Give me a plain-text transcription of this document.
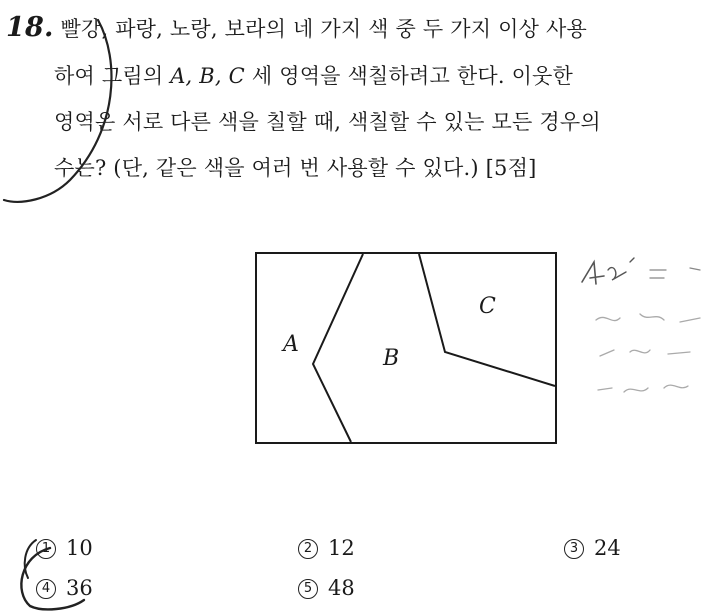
18. 빨강, 파랑, 노랑, 보라의 네 가지 색 중 두 가지 이상 사용
하여 그림의 A, B, C 세 영역을 색칠하려고 한다. 이웃한
영역은 서로 다른 색을 칠할 때, 색칠할 수 있는 모든 경우의
수는? (단, 같은 색을 여러 번 사용할 수 있다.) [5점]
A
B
C
1 10	2 12	3 24
4 36	5 48
